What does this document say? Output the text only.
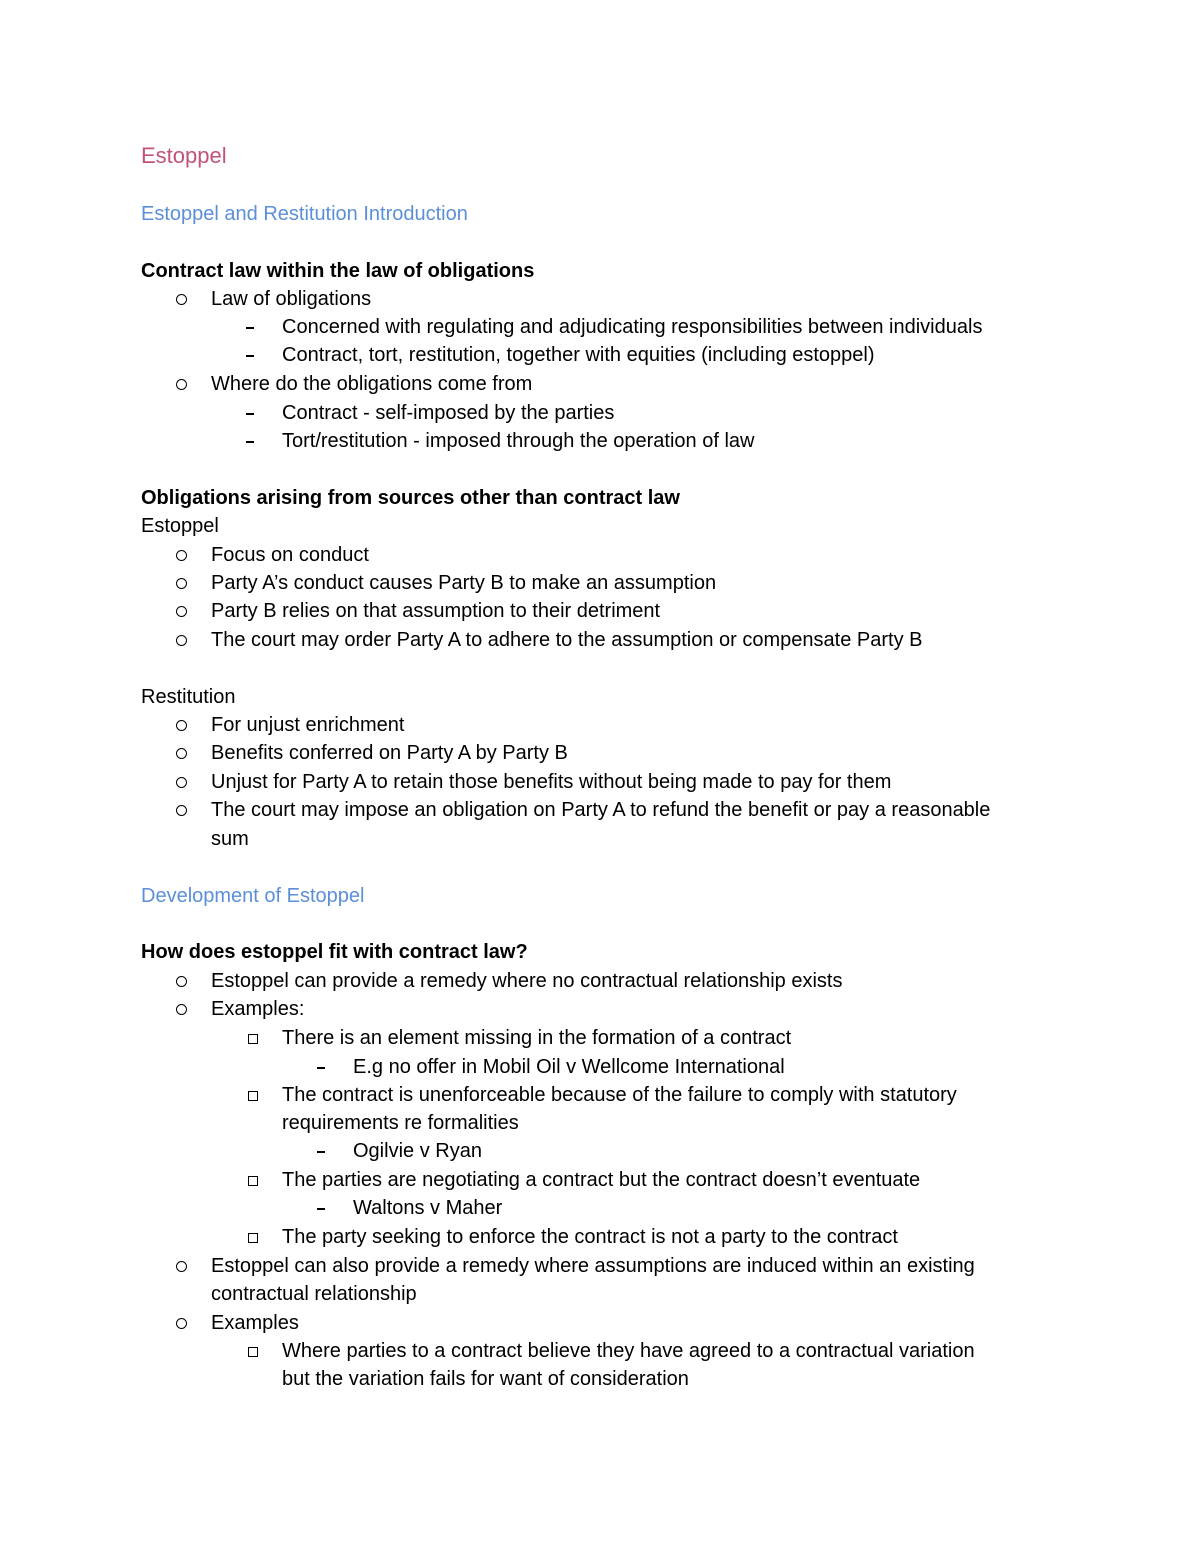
Estoppel
Estoppel and Restitution Introduction
Contract law within the law of obligations
Law of obligations
Concerned with regulating and adjudicating responsibilities between individuals
Contract, tort, restitution, together with equities (including estoppel)
Where do the obligations come from
Contract - self-imposed by the parties
Tort/restitution - imposed through the operation of law
Obligations arising from sources other than contract law
Estoppel
Focus on conduct
Party A’s conduct causes Party B to make an assumption
Party B relies on that assumption to their detriment
The court may order Party A to adhere to the assumption or compensate Party B
Restitution
For unjust enrichment
Benefits conferred on Party A by Party B
Unjust for Party A to retain those benefits without being made to pay for them
The court may impose an obligation on Party A to refund the benefit or pay a reasonable
sum
Development of Estoppel
How does estoppel fit with contract law?
Estoppel can provide a remedy where no contractual relationship exists
Examples:
There is an element missing in the formation of a contract
E.g no offer in Mobil Oil v Wellcome International
The contract is unenforceable because of the failure to comply with statutory
requirements re formalities
Ogilvie v Ryan
The parties are negotiating a contract but the contract doesn’t eventuate
Waltons v Maher
The party seeking to enforce the contract is not a party to the contract
Estoppel can also provide a remedy where assumptions are induced within an existing
contractual relationship
Examples
Where parties to a contract believe they have agreed to a contractual variation
but the variation fails for want of consideration
